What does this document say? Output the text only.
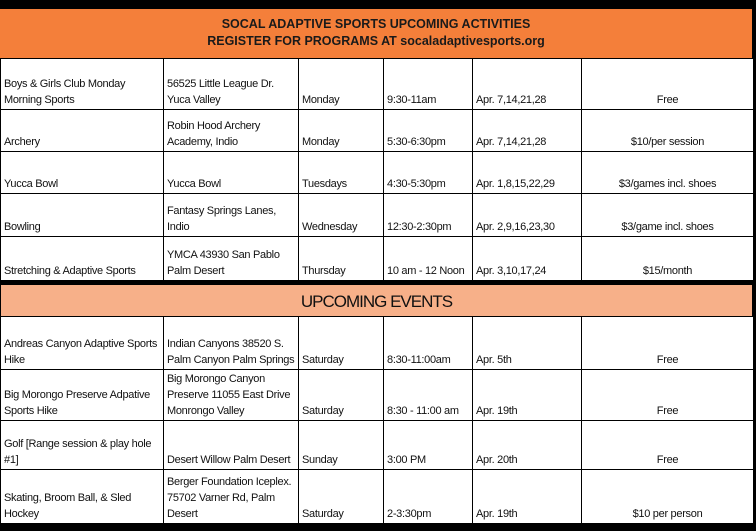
SOCAL ADAPTIVE SPORTS UPCOMING ACTIVITIES
REGISTER FOR PROGRAMS AT socaladaptivesports.org
Boys & Girls Club Monday Morning Sports	56525 Little League Dr. Yuca Valley	Monday	9:30-11am	Apr. 7,14,21,28	Free
Archery	Robin Hood Archery Academy, Indio	Monday	5:30-6:30pm	Apr. 7,14,21,28	$10/per session
Yucca Bowl	Yucca Bowl	Tuesdays	4:30-5:30pm	Apr. 1,8,15,22,29	$3/games incl. shoes
Bowling	Fantasy Springs Lanes, Indio	Wednesday	12:30-2:30pm	Apr. 2,9,16,23,30	$3/game incl. shoes
Stretching & Adaptive Sports	YMCA 43930 San Pablo Palm Desert	Thursday	10 am - 12 Noon	Apr. 3,10,17,24	$15/month
UPCOMING EVENTS
Andreas Canyon Adaptive Sports Hike	Indian Canyons 38520 S. Palm Canyon Palm Springs	Saturday	8:30-11:00am	Apr. 5th	Free
Big Morongo Preserve Adpative Sports Hike	Big Morongo Canyon Preserve 11055 East Drive Monrongo Valley	Saturday	8:30 - 11:00 am	Apr. 19th	Free
Golf [Range session & play hole #1]	Desert Willow Palm Desert	Sunday	3:00 PM	Apr. 20th	Free
Skating, Broom Ball, & Sled Hockey	Berger Foundation Iceplex. 75702 Varner Rd, Palm Desert	Saturday	2-3:30pm	Apr. 19th	$10 per person
